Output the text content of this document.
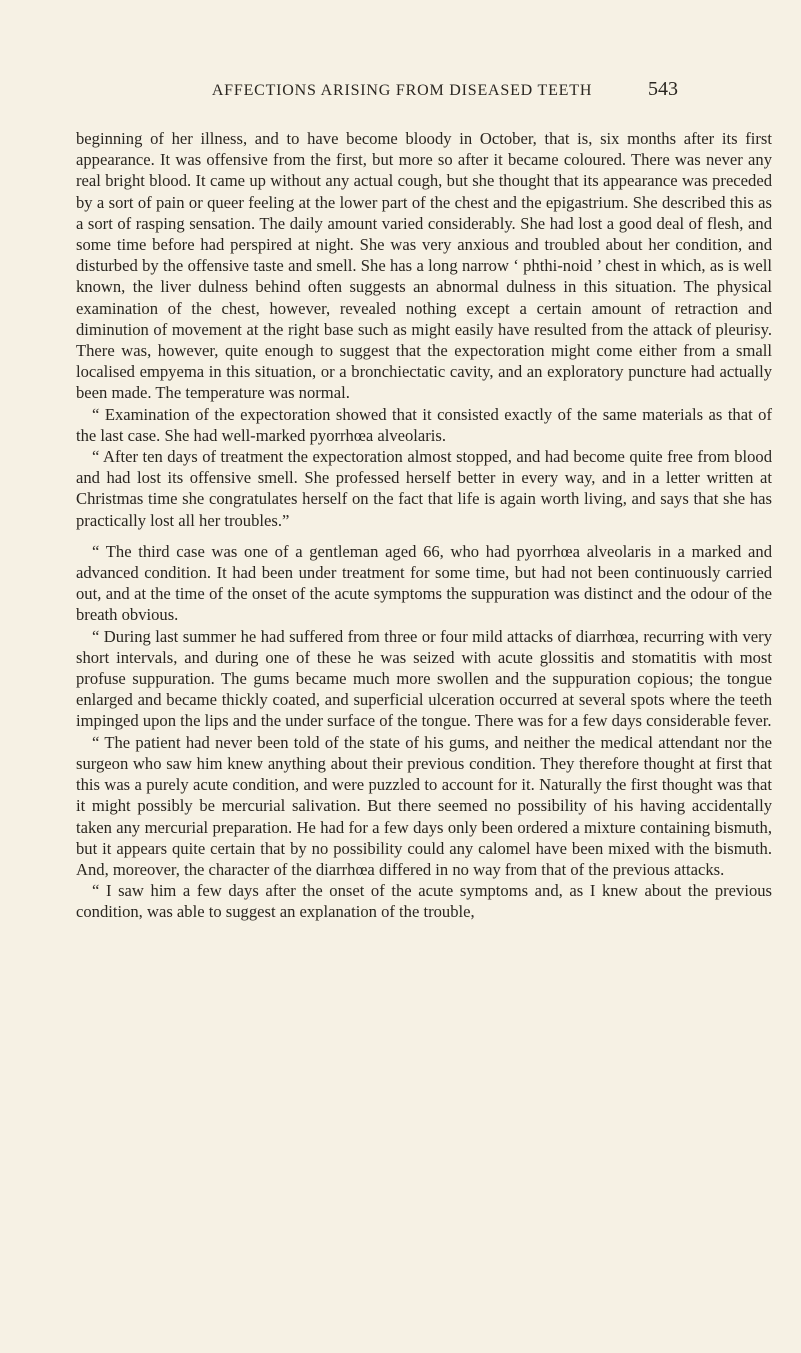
AFFECTIONS ARISING FROM DISEASED TEETH	543

beginning of her illness, and to have become bloody in October, that is, six months after its first appearance. It was offensive from the first, but more so after it became coloured. There was never any real bright blood. It came up without any actual cough, but she thought that its appearance was preceded by a sort of pain or queer feeling at the lower part of the chest and the epigastrium. She described this as a sort of rasping sensation. The daily amount varied considerably. She had lost a good deal of flesh, and some time before had perspired at night. She was very anxious and troubled about her condition, and disturbed by the offensive taste and smell. She has a long narrow ‘ phthi-noid ’ chest in which, as is well known, the liver dulness behind often suggests an abnormal dulness in this situation. The physical examination of the chest, however, revealed nothing except a certain amount of retraction and diminution of movement at the right base such as might easily have resulted from the attack of pleurisy. There was, however, quite enough to suggest that the expectoration might come either from a small localised empyema in this situation, or a bronchiectatic cavity, and an exploratory puncture had actually been made. The temperature was normal.

“ Examination of the expectoration showed that it consisted exactly of the same materials as that of the last case. She had well-marked pyorrhœa alveolaris.

“ After ten days of treatment the expectoration almost stopped, and had become quite free from blood and had lost its offensive smell. She professed herself better in every way, and in a letter written at Christmas time she congratulates herself on the fact that life is again worth living, and says that she has practically lost all her troubles.”

“ The third case was one of a gentleman aged 66, who had pyorrhœa alveolaris in a marked and advanced condition. It had been under treatment for some time, but had not been continuously carried out, and at the time of the onset of the acute symptoms the suppuration was distinct and the odour of the breath obvious.

“ During last summer he had suffered from three or four mild attacks of diarrhœa, recurring with very short intervals, and during one of these he was seized with acute glossitis and stomatitis with most profuse suppuration. The gums became much more swollen and the suppuration copious; the tongue enlarged and became thickly coated, and superficial ulceration occurred at several spots where the teeth impinged upon the lips and the under surface of the tongue. There was for a few days considerable fever.

“ The patient had never been told of the state of his gums, and neither the medical attendant nor the surgeon who saw him knew anything about their previous condition. They therefore thought at first that this was a purely acute condition, and were puzzled to account for it. Naturally the first thought was that it might possibly be mercurial salivation. But there seemed no possibility of his having accidentally taken any mercurial preparation. He had for a few days only been ordered a mixture containing bismuth, but it appears quite certain that by no possibility could any calomel have been mixed with the bismuth. And, moreover, the character of the diarrhœa differed in no way from that of the previous attacks.

“ I saw him a few days after the onset of the acute symptoms and, as I knew about the previous condition, was able to suggest an explanation of the trouble,
